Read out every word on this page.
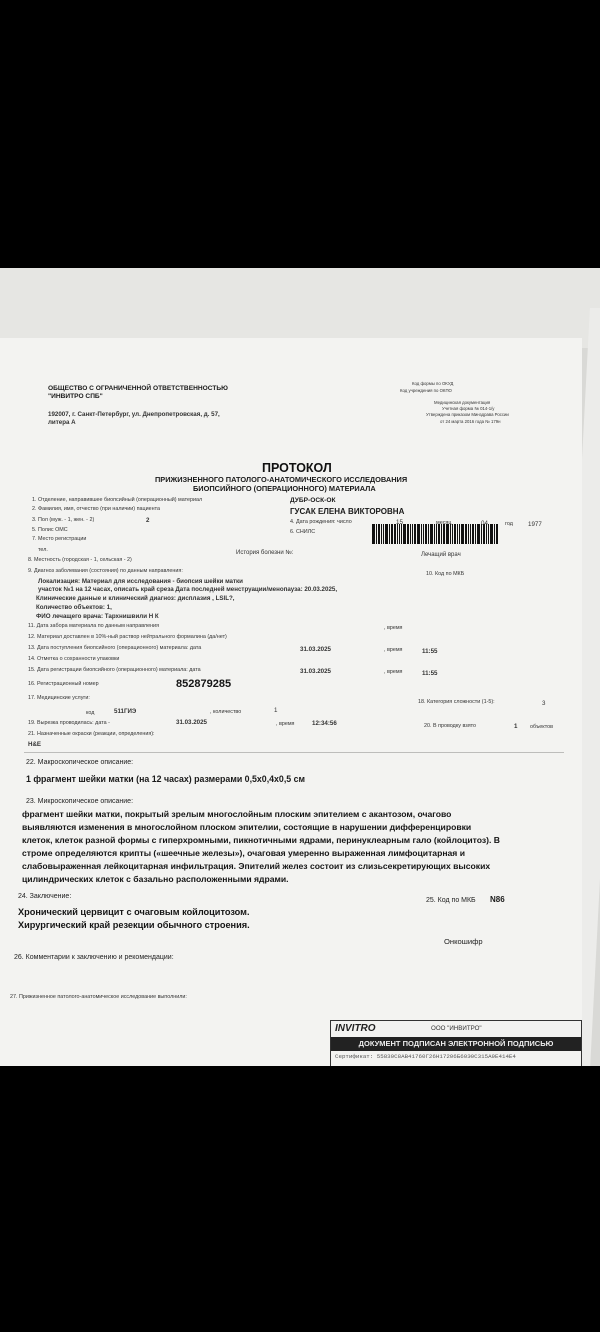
ОБЩЕСТВО С ОГРАНИЧЕННОЙ ОТВЕТСТВЕННОСТЬЮ
"ИНВИТРО СПБ"
192007, г. Санкт-Петербург, ул. Днепропетровская, д. 57,
литера А
Код формы по ОКУД
Код учреждения по ОКПО
Медицинская документация
Учетная форма № 014-1/у
Утверждена приказом Минздрава России
от 24 марта 2016 года № 179н
ПРОТОКОЛ
ПРИЖИЗНЕННОГО ПАТОЛОГО-АНАТОМИЧЕСКОГО ИССЛЕДОВАНИЯ
БИОПСИЙНОГО (ОПЕРАЦИОННОГО) МАТЕРИАЛА
1. Отделение, направившее биопсийный (операционный) материал	ДУБР-ОСК-ОК
2. Фамилия, имя, отчество (при наличии) пациента	ГУСАК ЕЛЕНА ВИКТОРОВНА
3. Пол (муж. - 1, жен. - 2)	2	4. Дата рождения: число	15	месяц	04	год 1977
5. Полис ОМС	6. СНИЛС
7. Место регистрации
тел.	История болезни №:	Лечащий врач
8. Местность (городская - 1, сельская - 2)
9. Диагноз заболевания (состояния) по данным направления:	10. Код по МКБ
Локализация: Материал для исследования - биопсия шейки матки
участок №1 на 12 часах, описать край среза Дата последней менструации/менопауза: 20.03.2025,
Клинические данные и клинический диагноз: дисплазия , LSIL?,
Количество объектов: 1,
ФИО лечащего врача: Тархнишвили Н К
11. Дата забора материала по данным направления	, время
12. Материал доставлен в 10%-ный раствор нейтрального формалина (да/нет)
13. Дата поступления биопсийного (операционного) материала: дата	31.03.2025	, время	11:55
14. Отметка о сохранности упаковки
15. Дата регистрации биопсийного (операционного) материала: дата	31.03.2025	, время	11:55
16. Регистрационный номер	852879285
17. Медицинские услуги:
18. Категория сложности (1-5):	3
код	511ГИЭ	, количество	1
19. Вырезка проводилась: дата -	31.03.2025	, время	12:34:56	20. В проводку взято	1 объектов
21. Назначенные окраски (реакции, определения):
H&E
22. Макроскопическое описание:
1 фрагмент шейки матки (на 12 часах) размерами 0,5х0,4х0,5 см
23. Микроскопическое описание:
фрагмент шейки матки, покрытый зрелым многослойным плоским эпителием с акантозом, очагово
выявляются изменения в многослойном плоском эпителии, состоящие в нарушении дифференцировки
клеток, клеток разной формы с гиперхромными, пикнотичными ядрами, перинуклеарным гало (койлоцитоз). В
строме определяются крипты («шеечные железы»), очаговая умеренно выраженная лимфоцитарная и
слабовыраженная лейкоцитарная инфильтрация. Эпителий желез состоит из слизьсекретирующих высоких
цилиндрических клеток с базально расположенными ядрами.
24. Заключение:
25. Код по МКБ N86
Хронический цервицит с очаговым койлоцитозом.
Хирургический край резекции обычного строения.
Онкошифр
26. Комментарии к заключению и рекомендации:
27. Прижизненное патолого-анатомическое исследование выполнили:
INVITRO	ООО "ИНВИТРО"
ДОКУМЕНТ ПОДПИСАН ЭЛЕКТРОННОЙ ПОДПИСЬЮ
Сертификат: 55830С8АВ41760Г26Н17206Б60Э0С315А9Е414Е4
